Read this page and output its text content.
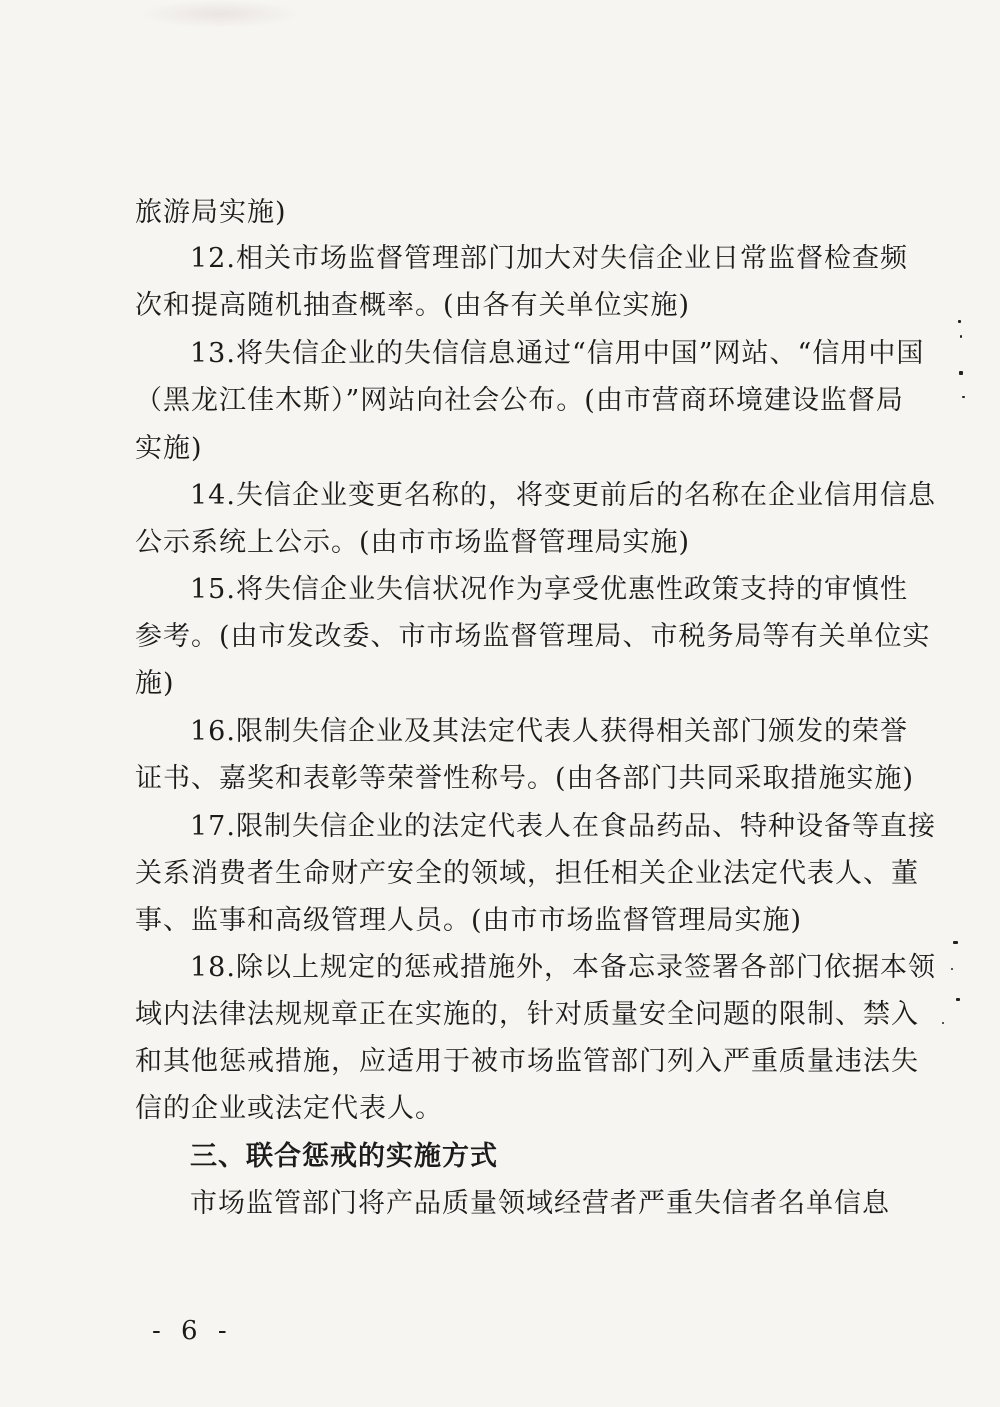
旅游局实施)
12.相关市场监督管理部门加大对失信企业日常监督检查频
次和提高随机抽查概率。(由各有关单位实施)
13.将失信企业的失信信息通过“信用中国”网站、“信用中国
（黑龙江佳木斯）”网站向社会公布。(由市营商环境建设监督局
实施)
14.失信企业变更名称的，将变更前后的名称在企业信用信息
公示系统上公示。(由市市场监督管理局实施)
15.将失信企业失信状况作为享受优惠性政策支持的审慎性
参考。(由市发改委、市市场监督管理局、市税务局等有关单位实
施)
16.限制失信企业及其法定代表人获得相关部门颁发的荣誉
证书、嘉奖和表彰等荣誉性称号。(由各部门共同采取措施实施)
17.限制失信企业的法定代表人在食品药品、特种设备等直接
关系消费者生命财产安全的领域，担任相关企业法定代表人、董
事、监事和高级管理人员。(由市市场监督管理局实施)
18.除以上规定的惩戒措施外，本备忘录签署各部门依据本领
域内法律法规规章正在实施的，针对质量安全问题的限制、禁入
和其他惩戒措施，应适用于被市场监管部门列入严重质量违法失
信的企业或法定代表人。
三、联合惩戒的实施方式
市场监管部门将产品质量领域经营者严重失信者名单信息
- 6 -
